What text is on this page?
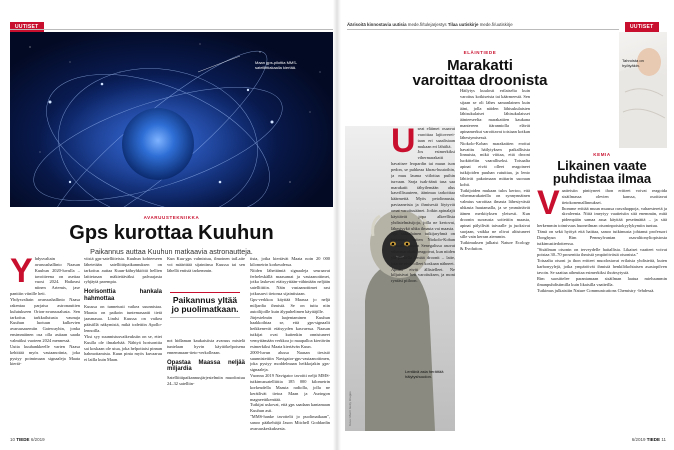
UUTISET
Maan gps-pilottia MMS-satelliittiakaalla kiertää.
AVARUUSTEKNIIKKA
Gps kurottaa Kuuhun
Paikannus auttaa Kuuhun matkaavia astronautteja.
Y hdysvaltain avaruushallinto Naasan Kuuhun 2020-luvulla – tavoitteena on asettaa vuosi 2024. Haikeasi niinen Artemis, jase panttiin viinille heti.

Yhdysvaltain avaruushallinto Naasa rakentaa parjaisa astronauttien kulutukseen Orion-avaruusalusta. Sen tarkoitus tarkkailutusta vaunuja Kuuhun luotuun kulkevien avaruusasemiin Gatewayhin, jonka ensimmäinen osa olla astiaan saada valmiiksi vuoteen 2024 mennessä.

Uutta kuuhankkeelle varten Naasa kehittää myös vastaanotinta, joka pystyy poimimaan signaaleja Maata kiertä-

viistä gps-satelliiteista. Kuuhun kohteeseen lähetetään satelliittipaikannuksen on tarkoitus auttaa Kuun-kähryhkiöitä hellien laittetasan mäkiettäväksi palvaajasta ryhjäytä parempia.

Horisonttia hankala hahmottaa

Kuussa on tunnetusti vaikea suunnistaa. Maasta on paikoin tuntemasaatti tietä jaasmasaa. Lindsi Kuussa on vaikea pääsiillä näkymistä, mikä todettiin Apollo-lennoilla.

Yksi syy suunnistusvaikeuksiin on se, ettei Kuulla ole ilmakehää. Nähtyä horisonttia sai koskaan ole utua, joka helpottaisi pinnan hahmottamista. Kuun pinta myös kuvaaruu ei lailla kuin Maan.

Kun Kuu-gps valmistuu, ilmoinen taiLaite voi määrittää sijaintinsa Kuussa tai sen lähellä entistä tarkemmin.

Paikannus yltää jo puolimatkaan.

not hidlaman kaukaisiista avaruus mistelä tuntelaan hyvin käyttökelpoisena ennemmaan-tieto-verkolleaan.

Opastaa Maassa neljää miljardia

Satelliittipaikannusjärjestelmiin muodostuu 24–32 satelliin-

10 TIEDE 6/2019
Äärisoitä kinnostavia uutisia mede.fi/tulejarjestys Tilaa uutiskirje mede.fi/uutiskirje	UUTISET
ELÄINTIEDE
Marakatti
varoittaa droonista
Kuva: Marc/ Getty Images
Lentävä asia herättää häiytyshuudon.
U seat eläimet osaavat varoittaa lajitoverei- taan eri saaalistaan mukaan eri lähtiltä.

Jos esimerkiksi vihermarakatti havaitsee leopardin tai muun ison pedon, se puhkeaa khrau-huutoihin, ja muu lauma viilottaa puihin turvaan. Sarja tsak-äänä tasa saa marakatit tähyilemään alus kasvillisuuteen, äänimaa tarkoittaa käärmettä. Myös petolinnusta, paviaaneista ja ihmisestä löytyvät omat varoitusäänet. Jotkin apinalajit käyttävät jopa alkeellista yhdistelmäsijoja, jolla ne kertovat, lähestyykö uhka ilmasta vai maasta.

Nyt saksalainen tutkijaryhmä on testannut, miten Niokolo-Koban kansallispuiston Senegalissa asuvat vihermarakatit reagoivat, kun niiden ylä-puolella lentää droonit – laite, jota ne eivät olleet koskaan nähneet.

Apinat eivät ällistelleet. Ne kiljaisivat heti varoituksen, ja moni ryntäsi piiloon.

Häilytys kuulosti erilaiselta kuin varoitus kotkisetsta tai käärmeestä. Sen sijaan se oli lähes samanlainen kuin ääni, jolla näiden lähisukulaisten lähisukulaiset lähisukulaisset äänteeseelta: marakattien kaukana mantereen itäranniolla elävät apinamerkut varoittavat toisiaan kotkan lähestymisessä.

Niokolo-Koban marakattien erottui havaittu häilytyksen paikallisista linnuista, mikä viittaa, että drooni luokitteliin vaaralliseksi. Toisaalta apinat eivät olleet reagoineet tutkijoiden puuhan rutuittaa, ja lento lähtivät pakoimaan mittarin suoraan kohti.

Tutkijoiden mukaan tulos kertoo, että vihermarakateilla on synnynnäinen valmius varoittaa ilmasta lähestyvästä uhkasta huutamalla, ja se ymmärtävät äänen merkityksen yleisesti. Kun droonin surrausta soitettiin maasta, apinat pälyilivät taivaalle ja juoksivat suojaan, vaikka ne olivat altistuneet sille vain kerran aiemmin.

Tutkimuksen julkaisi Nature Ecology & Evolution.

Tahroista on hyötyäkin.
KEMIA
Likainen vaate
puhdistaa ilmaa
V aatteisiin pinttyneet ihon eritteet voivat reagoida sisäilmassa olevien kanssa, osoittavat tietokonemallinnukset.

Ihomme erittää muun muassa rasvahappoja, vahaesteretä ja skvaleenia. Niitä imeytyy vaatteisiin sitä enemmän, mitä pidempään samaa asua käyttää peseämättä – ja sitä herkemmin toimivuus huoneilman otsoninpoistokyylykymiin tuntuu.

Tämä on sekä hyötyä että haittaa, sanoo tutkimusta johtanut professori Donghyun Rim Pennsylvanian osavaltionyliopistosta tutkimustiedotteessa.

"Sisäilman otsonin on terveydelle haitallista. Likaiset vaatteet voivat poistaa 30–70 prosenttia ihmistä ympäröivästä otsonista."

Toisaalta otsoni ja ihon eritteet muodostavat erilaisia yhdisteitä, kuten karbonyylejä, jotka ympäröivät ihmistä henkilökohtaisen asastopilven tavoin. Se saattaa aiheuttaa esimerkiksi ihoärsytystä.

Rim suosittelee parantamaan sisäilman laatua mieluummin ilmanpuhdistimilla kuin likaisilla vaatteilla.

Tutkimus julkaistiin Nature Communications Chemistry -lehdessä.

6/2019 TIEDE 11

tista, jotka kiertävät Maata noin 20 000 kilometrin korkeudessa.

Niiden lähettämiä signaaleja seuraavat ferheleskällä maasamat ja vastaanottimet, jotka laskevat etäisyyttään-vähintään neljään satelliittiin. Näin vastaanottimet rast jotkusarvi tietonsa sijaintistaan.

Gps-verkkoa käyttää Maassa jo neljä miljardia ihmistä. Se on tuttu niin autoilijoille kuin älypuhelimen käyttäjille.

Järjestelmän laajentaminen Kuuhun haakkoihtaa se, että gps-signaalit heikkenevät etäisyyden kasvaessa. Naasan tutkijat ovat kuitenkin onnistuneet vemyttämään verkkoa jo maapalloa kiertävän esimerkiksi Maata kiertävän Kuun.

2000-luvun alussa Naasan tiesistö suunnistettiin Navigator-gps-vastaanottimen, joka pystyy moddelmaan heikkojakin gps-signaaleja.

Vuonna 2019 Navigator tavoitti neljä MMS-tutkimussatelliittia 185 000 kilometrin korkeudella Maasta radiolla, jolla ne kerätlivät tietoa Maan ja Auringon magneettikenttää.

Tutkijat uskovat, että gps saadaan kantamaan Kuuhun asti.

"MMS-hanke tavottelit jo puolimatkaan", sanoo pääkehtäjä Jason Mitchell Goddardin avaruuskeskuksesta.
